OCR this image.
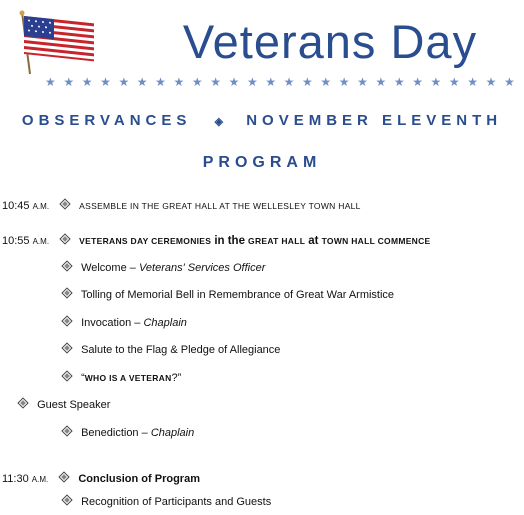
Veterans Day
★ ★ ★ ★ ★ ★ ★ ★ ★ ★ ★ ★ ★ ★ ★ ★ ★ ★ ★ ★ ★ ★ ★ ★ ★ ★
OBSERVANCES ◈ NOVEMBER ELEVENTH
PROGRAM
10:45 A.M.	ASSEMBLE IN THE GREAT HALL AT THE WELLESLEY TOWN HALL
10:55 A.M.	VETERANS DAY CEREMONIES in the GREAT HALL at TOWN HALL COMMENCE
Welcome – Veterans' Services Officer
Tolling of Memorial Bell in Remembrance of Great War Armistice
Invocation – Chaplain
Salute to the Flag & Pledge of Allegiance
“WHO IS A VETERAN?”
Guest Speaker
Benediction – Chaplain
11:30 A.M.	Conclusion of Program
Recognition of Participants and Guests
